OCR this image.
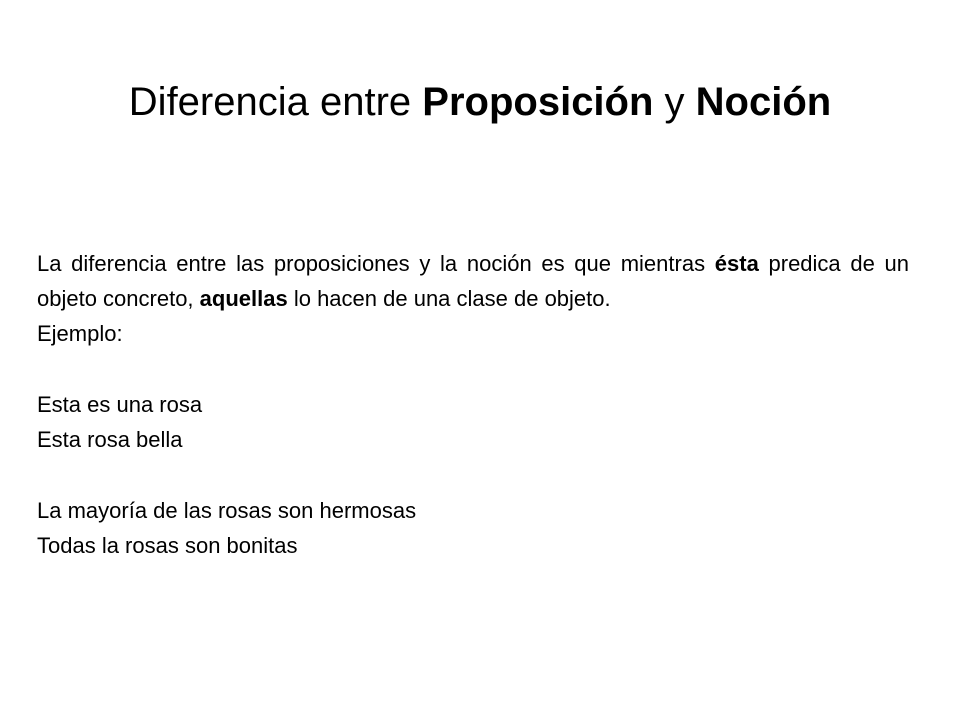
Diferencia entre Proposición y Noción

La diferencia entre las proposiciones y la noción es que mientras ésta predica de un objeto concreto, aquellas lo hacen de una clase de objeto.

Ejemplo:

Esta es una rosa

Esta rosa bella

La mayoría de las rosas son hermosas

Todas la rosas son bonitas
